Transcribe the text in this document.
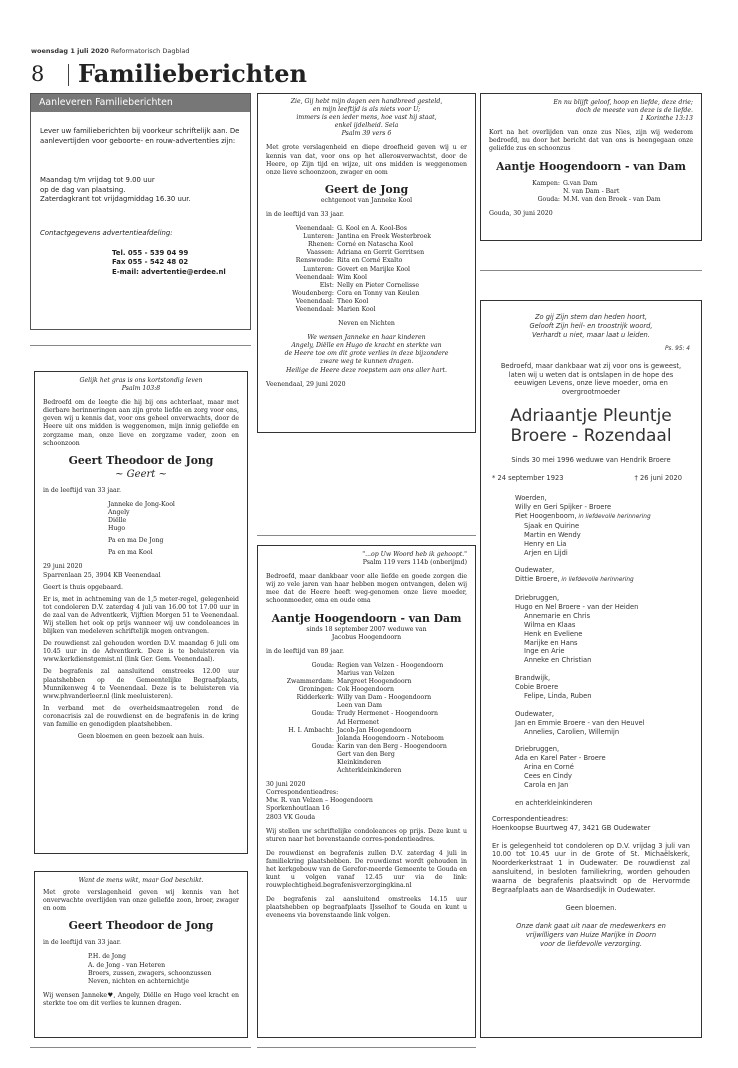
woensdag 1 juli 2020 Reformatorisch Dagblad
8 Familieberichten
Aanleveren Familieberichten

Lever uw familieberichten bij voorkeur schriftelijk aan. De aanlevertijden voor geboorte- en rouw-advertenties zijn:

Maandag t/m vrijdag tot 9.00 uur

op de dag van plaatsing.

Zaterdagkrant tot vrijdagmiddag 16.30 uur.

Contactgegevens advertentieafdeling:

Tel. 055 - 539 04 99

Fax 055 - 542 48 02

E-mail: advertentie@erdee.nl

Gelijk het gras is ons kortstondig leven

Psalm 103:8

Bedroefd om de leegte die hij bij ons achterlaat, maar met dierbare herinneringen aan zijn grote liefde en zorg voor ons, geven wij u kennis dat, voor ons geheel onverwachts, door de Heere uit ons midden is weggenomen, mijn innig geliefde en zorgzame man, onze lieve en zorgzame vader, zoon en schoonzoon

Geert Theodoor de Jong

~ Geert ~

in de leeftijd van 33 jaar.

Janneke de Jong-Kool

Angely

Diëlle

Hugo

Pa en ma De Jong

Pa en ma Kool

29 juni 2020

Sparrenlaan 25, 3904 KB Veenendaal

Geert is thuis opgebaard.

Er is, met in achtneming van de 1,5 meter-regel, gelegenheid tot condoleren D.V. zaterdag 4 juli van 16.00 tot 17.00 uur in de zaal van de Adventkerk, Vijftien Morgen 51 te Veenendaal. Wij stellen het ook op prijs wanneer wij uw condoleances in blijken van medeleven schriftelijk mogen ontvangen.

De rouwdienst zal gehouden worden D.V. maandag 6 juli om 10.45 uur in de Adventkerk. Deze is te beluisteren via www.kerkdienstgemist.nl (link Ger. Gem. Veenendaal).

De begrafenis zal aansluitend omstreeks 12.00 uur plaatshebben op de Gemeentelijke Begraafplaats, Munnikenweg 4 te Veenendaal. Deze is te beluisteren via www.phvanderleer.nl (link meeluisteren).

In verband met de overheidsmaatregelen rond de coronacrisis zal de rouwdienst en de begrafenis in de kring van familie en genodigden plaatshebben.

Geen bloemen en geen bezoek aan huis.

Want de mens wikt, maar God beschikt.

Met grote verslagenheid geven wij kennis van het onverwachte overlijden van onze geliefde zoon, broer, zwager en oom

Geert Theodoor de Jong

in de leeftijd van 33 jaar.

P.H. de Jong

A. de Jong - van Heteren

Broers, zussen, zwagers, schoonzussen

Neven, nichten en achternichtje

Wij wensen Janneke♥, Angely, Diëlle en Hugo veel kracht en sterkte toe om dit verlies te kunnen dragen.

Zie, Gij hebt mijn dagen een handbreed gesteld,

en mijn leeftijd is als niets voor U;

immers is een ieder mens, hoe vast hij staat,

enkel ijdelheid. Sela

Psalm 39 vers 6

Met grote verslagenheid en diepe droefheid geven wij u er kennis van dat, voor ons op het allerонverwachtst, door de Heere, op Zijn tijd en wijze, uit ons midden is weggenomen onze lieve schoonzoon, zwager en oom

Geert de Jong

echtgenoot van Janneke Kool

in de leeftijd van 33 jaar.

Veenendaal: G. Kool en A. Kool-Bos
Lunteren: Jantina en Freek Westerbroek
Rhenen: Corné en Natascha Kool
Vaassen: Adriana en Gerrit Gerritsen
Renswoude: Rita en Corné Exalto
Lunteren: Govert en Marijke Kool
Veenendaal: Wim Kool
Elst: Nelly en Pieter Cornelisse
Woudenberg: Cora en Tonny van Keulen
Veenendaal: Theo Kool
Veenendaal: Marien Kool

Neven en Nichten

We wensen Janneke en haar kinderen

Angely, Diëlle en Hugo de kracht en sterkte van

de Heere toe om dit grote verlies in deze bijzondere

zware weg te kunnen dragen.

Heilige de Heere deze roepstem aan ons aller hart.

Veenendaal, 29 juni 2020

"...op Uw Woord heb ik gehoopt."

Psalm 119 vers 114b (onberijmd)

Bedroefd, maar dankbaar voor alle liefde en goede zorgen die wij zo vele jaren van haar hebben mogen ontvangen, delen wij mee dat de Heere heeft weg-genomen onze lieve moeder, schoonmoeder, oma en oude oma

Aantje Hoogendoorn - van Dam

sinds 18 september 2007 weduwe van

Jacobus Hoogendoorn

in de leeftijd van 89 jaar.

Gouda: Regien van Velzen - Hoogendoorn
Marius van Velzen
Zwammerdam: Margreet Hoogendoorn
Groningen: Cok Hoogendoorn
Ridderkerk: Willy van Dam - Hoogendoorn
Leen van Dam
Gouda: Trudy Hermenet - Hoogendoorn
Ad Hermenet
H. I. Ambacht: Jacob-Jan Hoogendoorn
Jolanda Hoogendoorn - Noteboom
Gouda: Karin van den Berg - Hoogendoorn
Gert van den Berg
Kleinkinderen
Achterkleinkinderen

30 juni 2020

Correspondentieadres:

Mw. R. van Velzen – Hoogendoorn

Sporkenhoutlaan 16

2803 VK Gouda

Wij stellen uw schriftelijke condoleances op prijs. Deze kunt u sturen naar het bovenstaande corres-pondentieadres.

De rouwdienst en begrafenis zullen D.V. zaterdag 4 juli in familiekring plaatshebben. De rouwdienst wordt gehouden in het kerkgebouw van de Gerefor-meerde Gemeente te Gouda en kunt u volgen vanaf 12.45 uur via de link: rouwplechtigheid.begrafenisverzorgingkina.nl

De begrafenis zal aansluitend omstreeks 14.15 uur plaatshebben op begraafplaats IJsselhof te Gouda en kunt u eveneens via bovenstaande link volgen.

En nu blijft geloof, hoop en liefde, deze drie;

doch de meeste van deze is de liefde.

1 Korinthe 13:13

Kort na het overlijden van onze zus Nies, zijn wij wederom bedroefd, nu door het bericht dat van ons is heengegaan onze geliefde zus en schoonzus

Aantje Hoogendoorn - van Dam

Kampen: G.van Dam
N. van Dam - Bart
Gouda: M.M. van den Broek - van Dam

Gouda, 30 juni 2020

Zo gij Zijn stem dan heden hoort,

Gelooft Zijn heil- en troostrijk woord,

Verhardt u niet, maar laat u leiden.

Ps. 95: 4

Bedroefd, maar dankbaar wat zij voor ons is geweest, laten wij u weten dat is ontslapen in de hope des eeuwigen Levens, onze lieve moeder, oma en overgrootmoeder

Adriaantje Pleuntje

Broere - Rozendaal

Sinds 30 mei 1996 weduwe van Hendrik Broere

* 24 september 1923	† 26 juni 2020

Woerden,

Willy en Geri Spijker - Broere

Piet Hoogenboom, in liefdevolle herinnering

Sjaak en Quirine

Martin en Wendy

Henry en Lia

Arjen en Lijdi

Oudewater,

Dittie Broere, in liefdevolle herinnering

Driebruggen,

Hugo en Nel Broere - van der Heiden

Annemarie en Chris

Wilma en Klaas

Henk en Eveliene

Marijke en Hans

Inge en Arie

Anneke en Christian

Brandwijk,

Cobie Broere

Felipe, Linda, Ruben

Oudewater,

Jan en Emmie Broere - van den Heuvel

Annelies, Carolien, Willemijn

Driebruggen,

Ada en Karel Pater - Broere

Arina en Corné

Cees en Cindy

Carola en Jan

en achterkleinkinderen

Correspondentieadres:

Hoenkoopse Buurtweg 47, 3421 GB Oudewater

Er is gelegenheid tot condoleren op D.V. vrijdag 3 juli van 10.00 tot 10.45 uur in de Grote of St. Michaëlskerk, Noorderkerkstraat 1 in Oudewater. De rouwdienst zal aansluitend, in besloten familiekring, worden gehouden waarna de begrafenis plaatsvindt op de Hervormde Begraafplaats aan de Waardsedijk in Oudewater.

Geen bloemen.

Onze dank gaat uit naar de medewerkers en

vrijwilligers van Huize Marijke in Doorn

voor de liefdevolle verzorging.
